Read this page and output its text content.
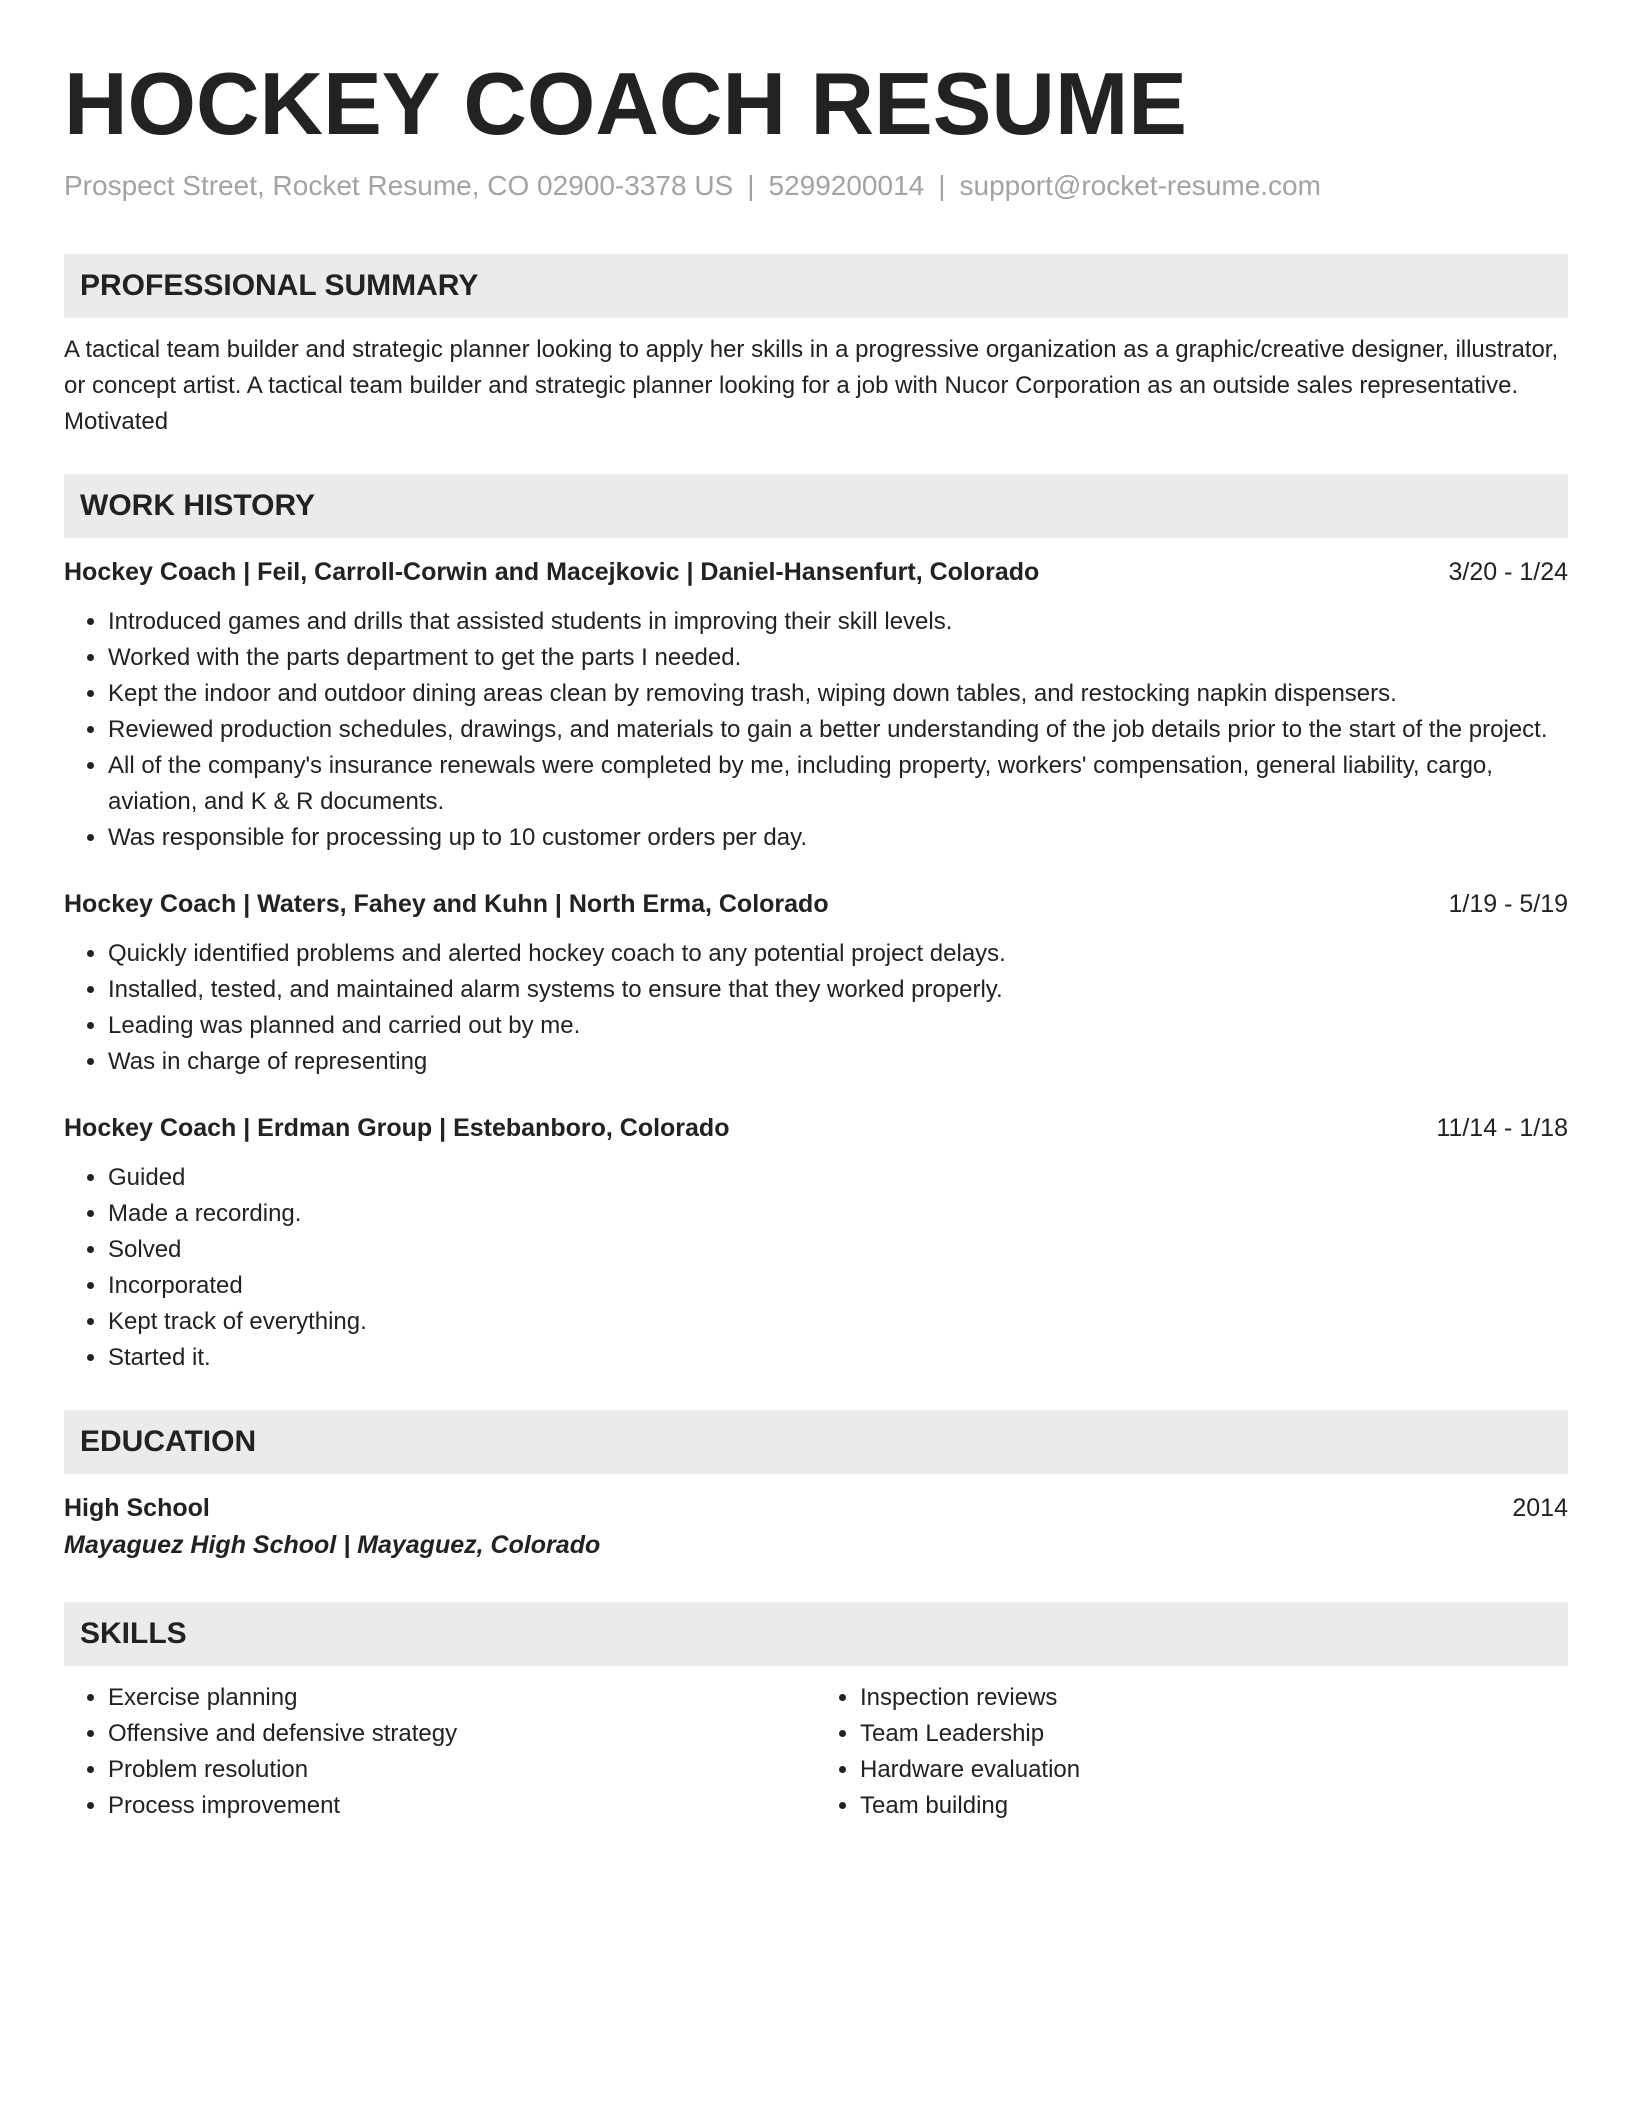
HOCKEY COACH RESUME
Prospect Street, Rocket Resume, CO 02900-3378 US | 5299200014 | support@rocket-resume.com
PROFESSIONAL SUMMARY
A tactical team builder and strategic planner looking to apply her skills in a progressive organization as a graphic/creative designer, illustrator, or concept artist. A tactical team builder and strategic planner looking for a job with Nucor Corporation as an outside sales representative. Motivated
WORK HISTORY
Hockey Coach | Feil, Carroll-Corwin and Macejkovic | Daniel-Hansenfurt, Colorado	3/20 - 1/24
• Introduced games and drills that assisted students in improving their skill levels.
• Worked with the parts department to get the parts I needed.
• Kept the indoor and outdoor dining areas clean by removing trash, wiping down tables, and restocking napkin dispensers.
• Reviewed production schedules, drawings, and materials to gain a better understanding of the job details prior to the start of the project.
• All of the company's insurance renewals were completed by me, including property, workers' compensation, general liability, cargo, aviation, and K & R documents.
• Was responsible for processing up to 10 customer orders per day.
Hockey Coach | Waters, Fahey and Kuhn | North Erma, Colorado	1/19 - 5/19
• Quickly identified problems and alerted hockey coach to any potential project delays.
• Installed, tested, and maintained alarm systems to ensure that they worked properly.
• Leading was planned and carried out by me.
• Was in charge of representing
Hockey Coach | Erdman Group | Estebanboro, Colorado	11/14 - 1/18
• Guided
• Made a recording.
• Solved
• Incorporated
• Kept track of everything.
• Started it.
EDUCATION
High School	2014
Mayaguez High School | Mayaguez, Colorado
SKILLS
• Exercise planning
• Offensive and defensive strategy
• Problem resolution
• Process improvement
• Inspection reviews
• Team Leadership
• Hardware evaluation
• Team building
